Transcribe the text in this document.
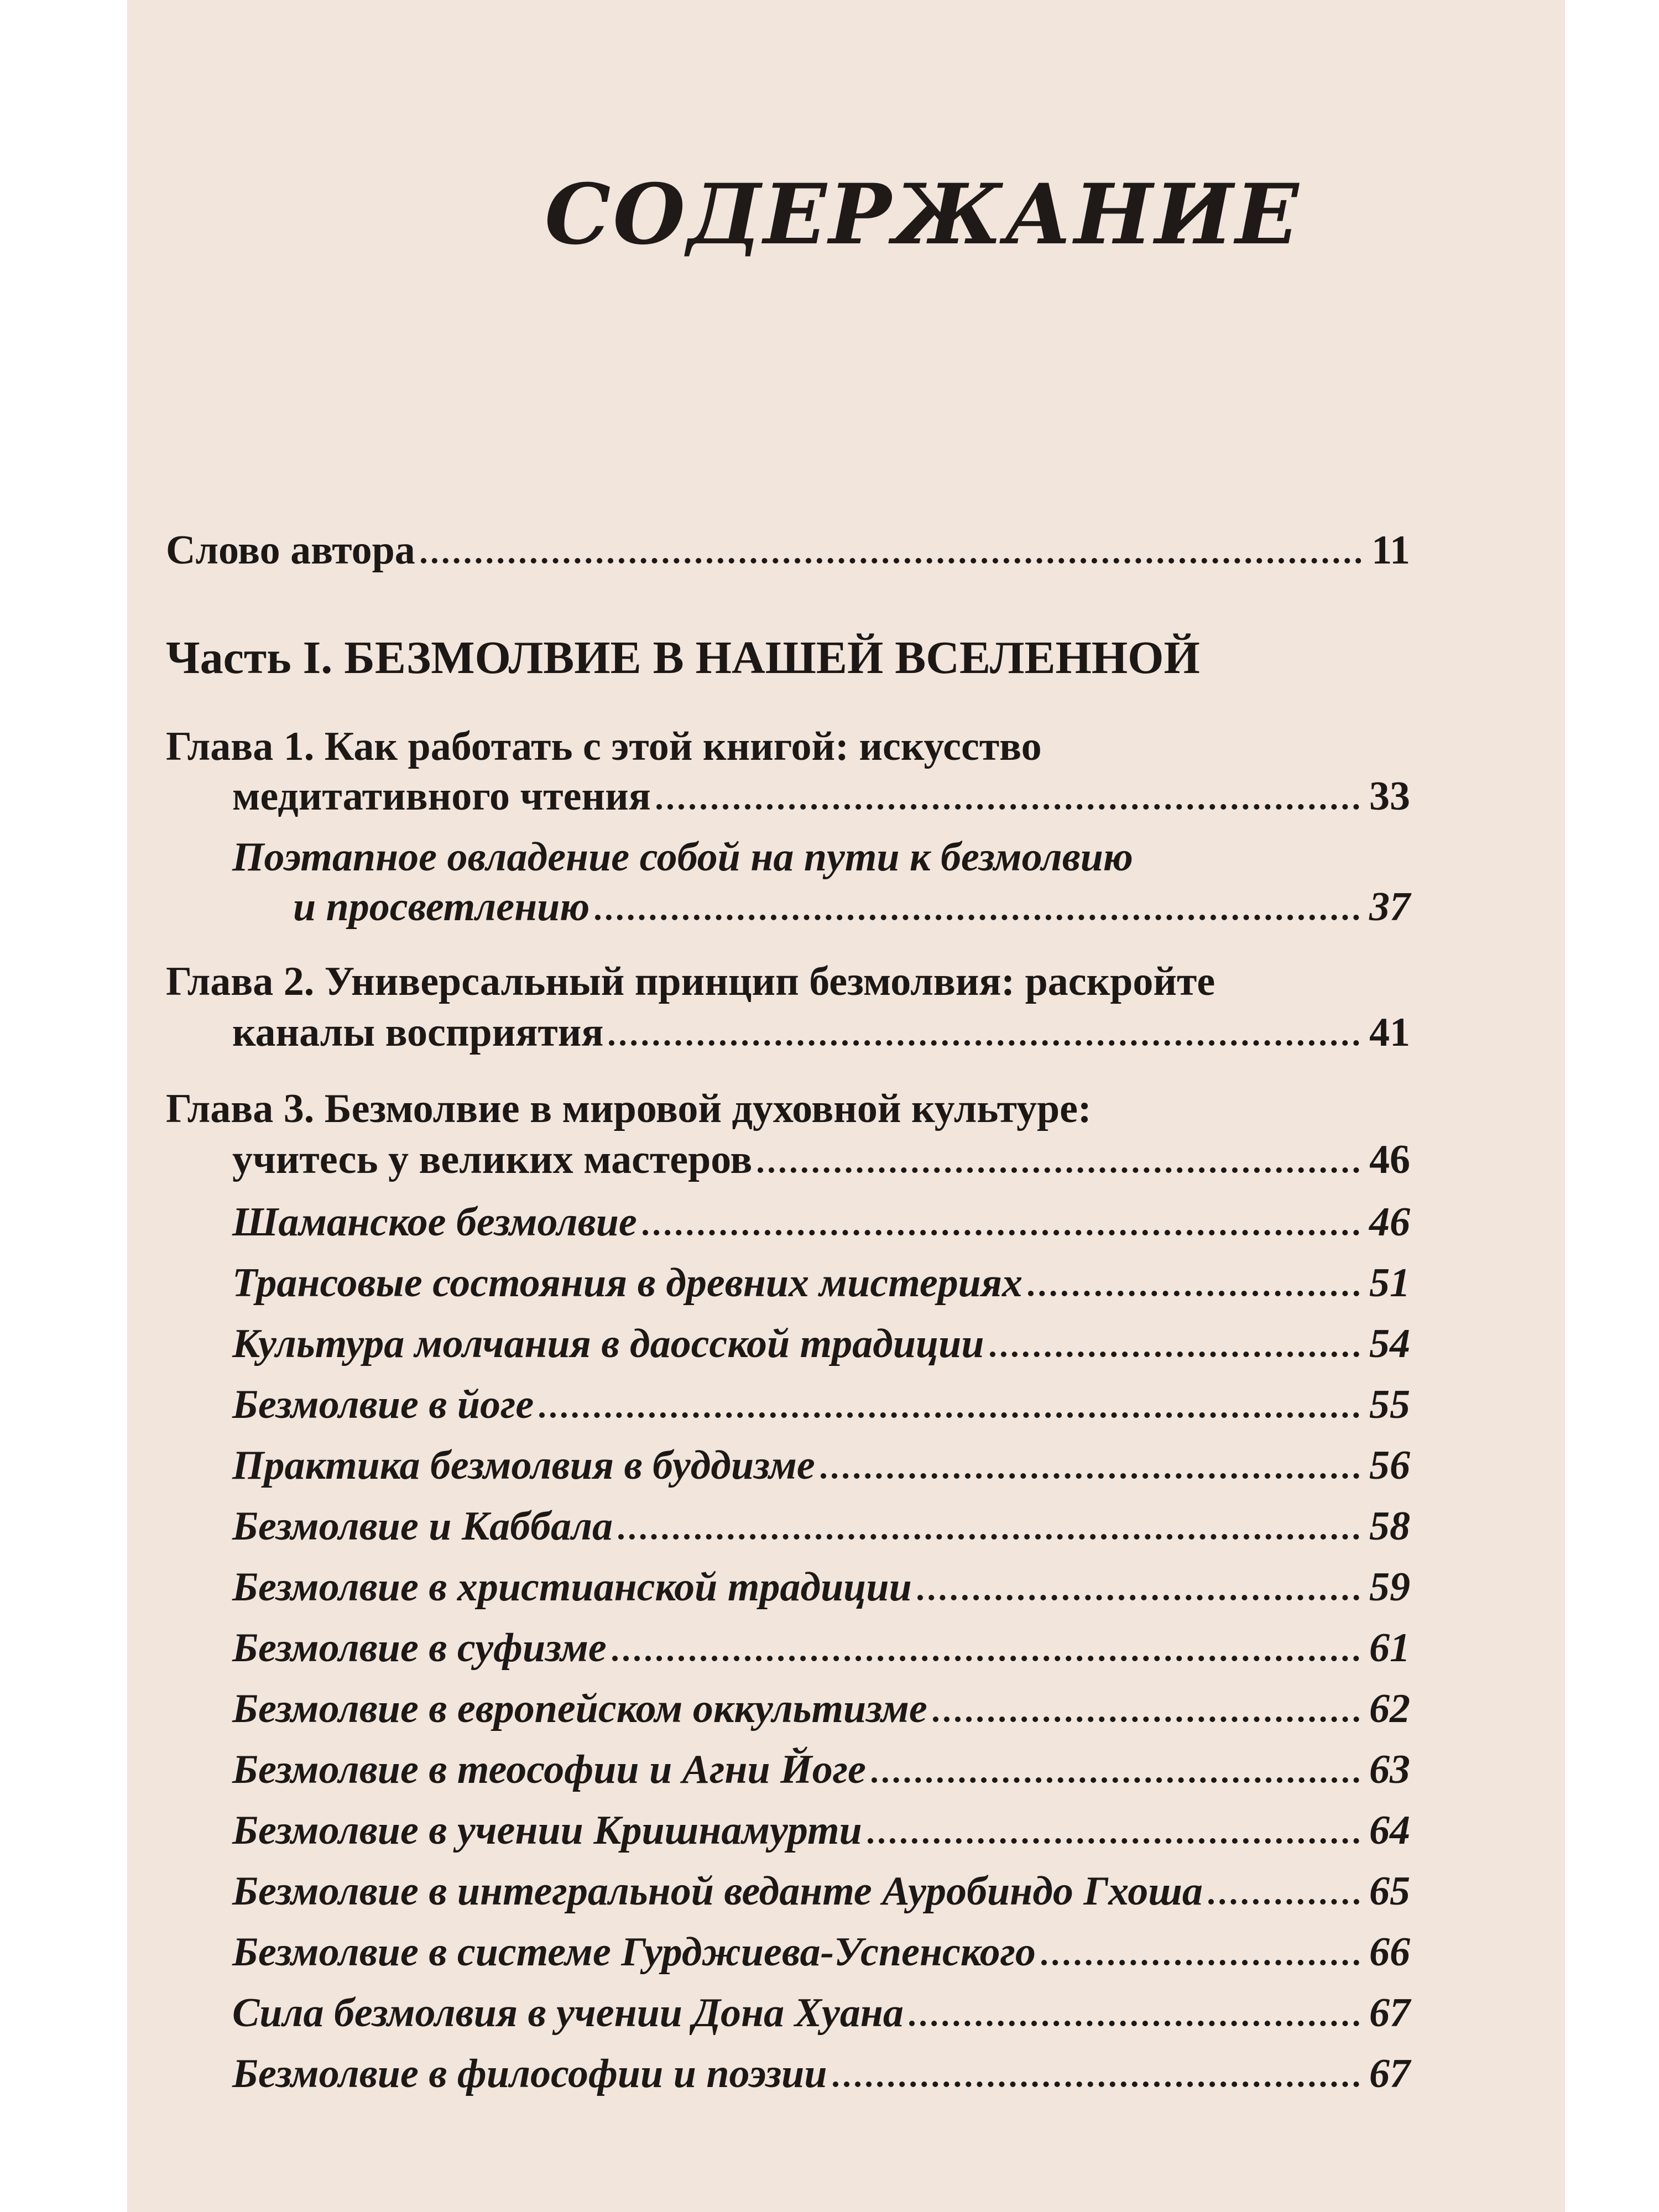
СОДЕРЖАНИЕ
Слово автора	11
Часть I. БЕЗМОЛВИЕ В НАШЕЙ ВСЕЛЕННОЙ
Глава 1. Как работать с этой книгой: искусство
медитативного чтения	33
Поэтапное овладение собой на пути к безмолвию
и просветлению	37
Глава 2. Универсальный принцип безмолвия: раскройте
каналы восприятия	41
Глава 3. Безмолвие в мировой духовной культуре:
учитесь у великих мастеров	46
Шаманское безмолвие	46
Трансовые состояния в древних мистериях	51
Культура молчания в даосской традиции	54
Безмолвие в йоге	55
Практика безмолвия в буддизме	56
Безмолвие и Каббала	58
Безмолвие в христианской традиции	59
Безмолвие в суфизме	61
Безмолвие в европейском оккультизме	62
Безмолвие в теософии и Агни Йоге	63
Безмолвие в учении Кришнамурти	64
Безмолвие в интегральной веданте Ауробиндо Гхоша	65
Безмолвие в системе Гурджиева-Успенского	66
Сила безмолвия в учении Дона Хуана	67
Безмолвие в философии и поэзии	67
